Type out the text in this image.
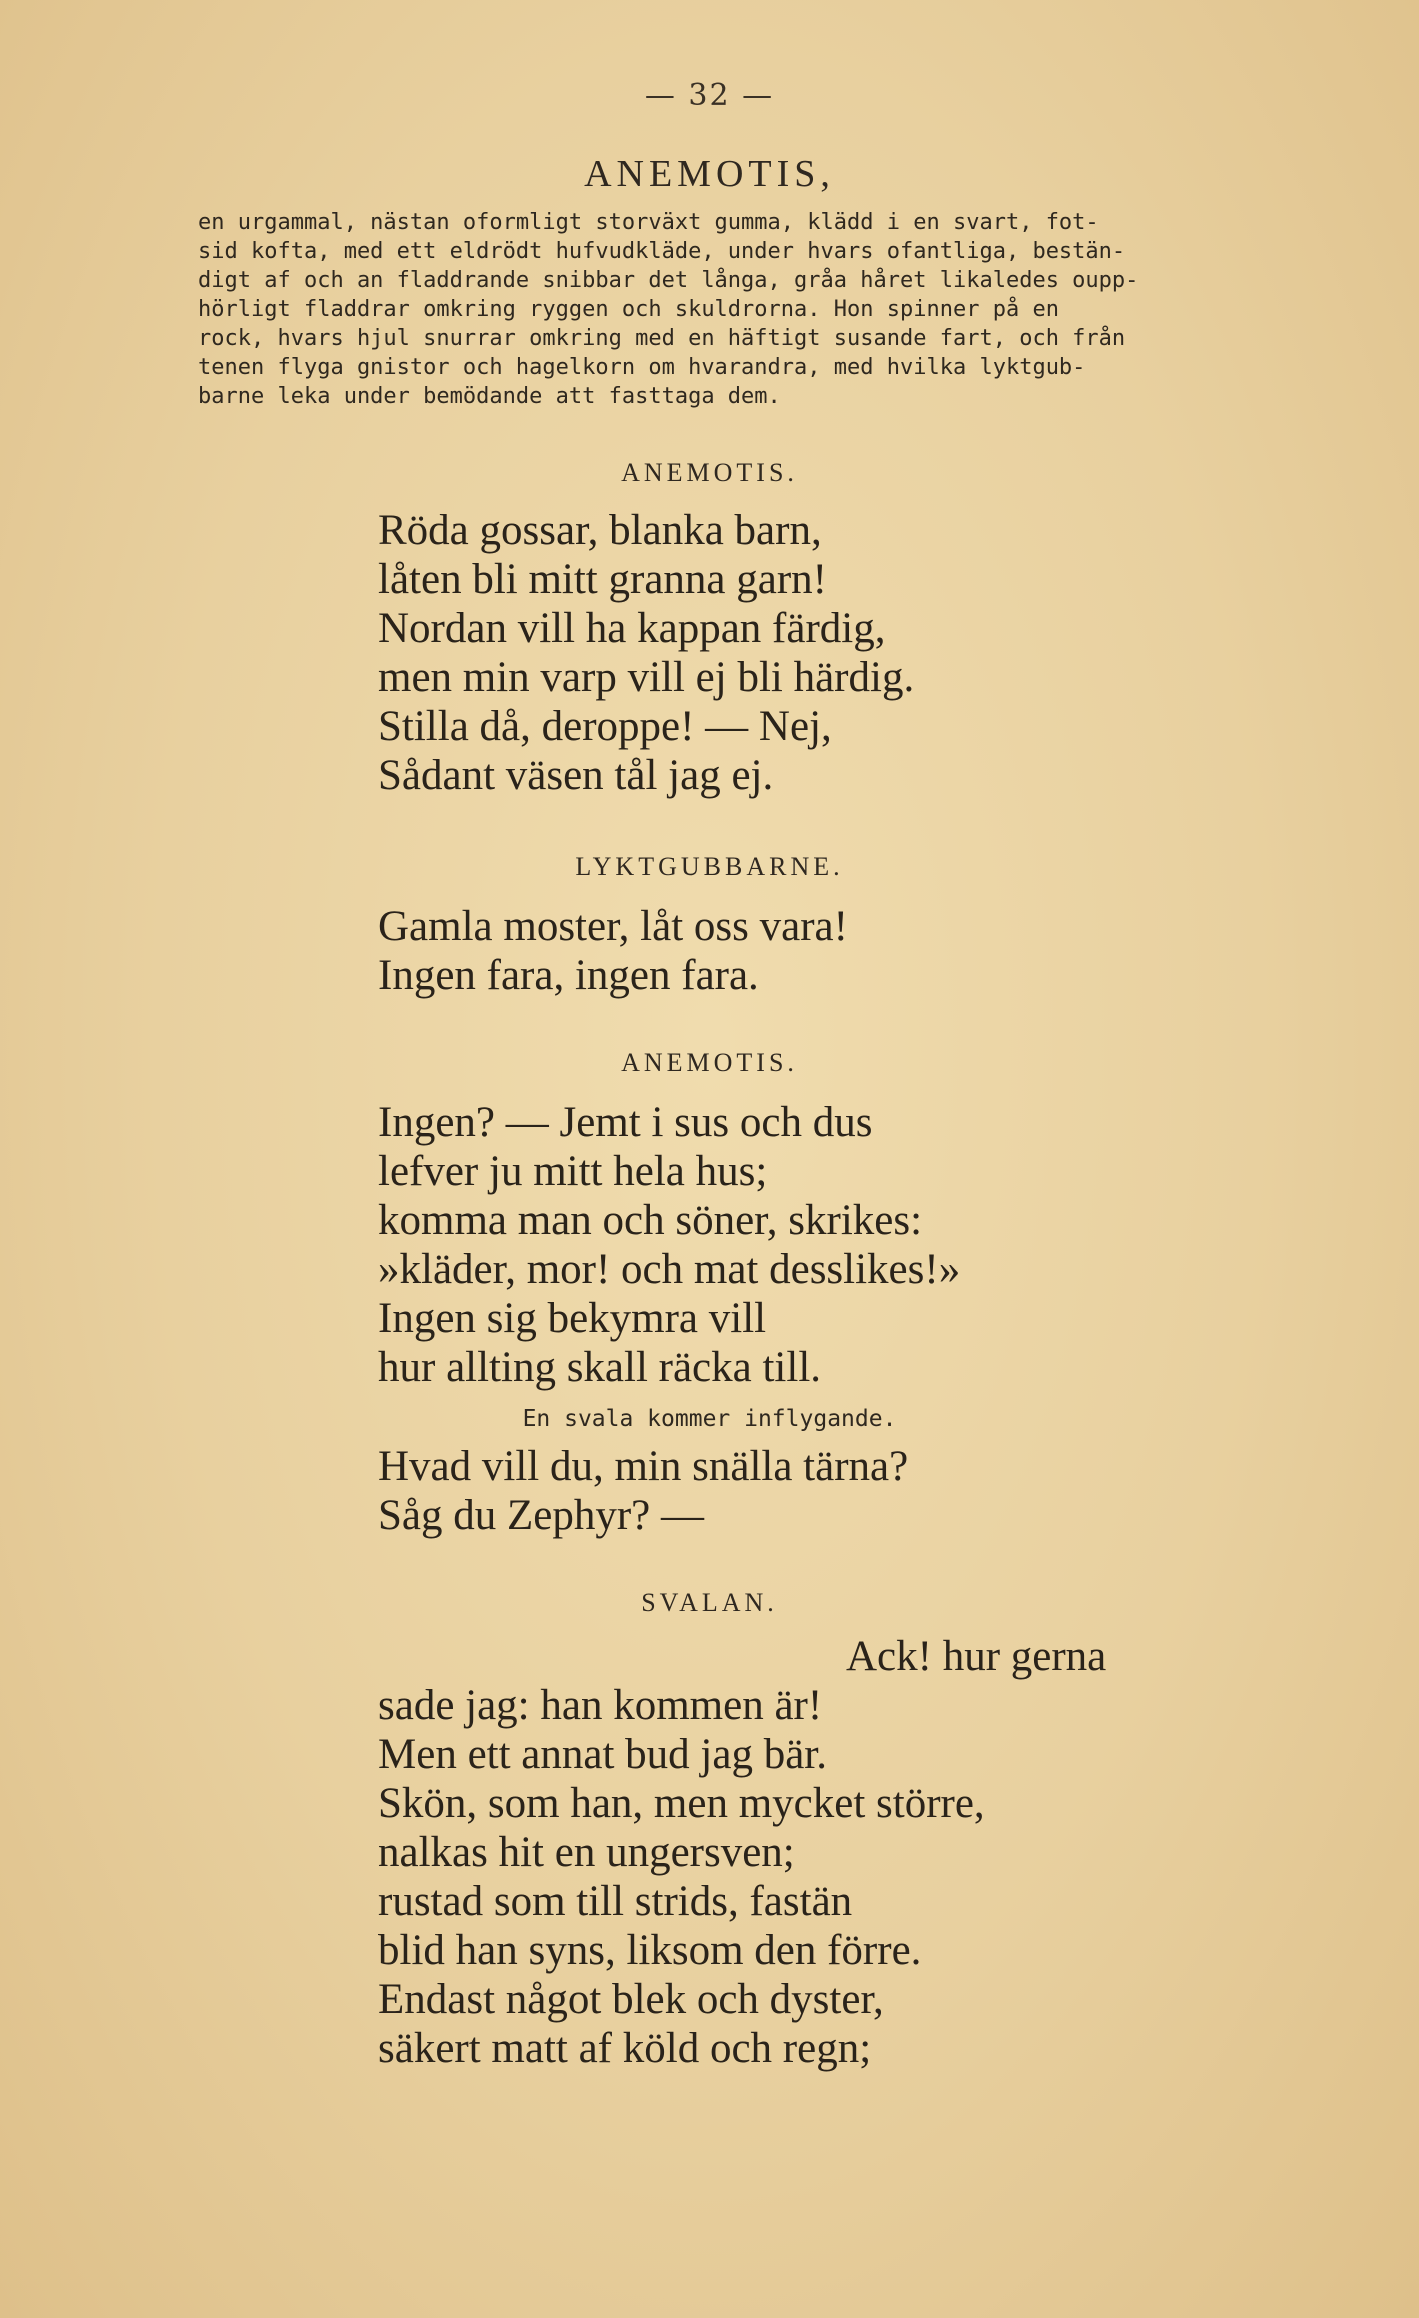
— 32 —
ANEMOTIS,
en urgammal, nästan oformligt storväxt gumma, klädd i en svart, fot-
sid kofta, med ett eldrödt hufvudkläde, under hvars ofantliga, bestän-
digt af och an fladdrande snibbar det långa, gråa håret likaledes oupp-
hörligt fladdrar omkring ryggen och skuldrorna. Hon spinner på en
rock, hvars hjul snurrar omkring med en häftigt susande fart, och från
tenen flyga gnistor och hagelkorn om hvarandra, med hvilka lyktgub-
barne leka under bemödande att fasttaga dem.
ANEMOTIS.
Röda gossar, blanka barn,
låten bli mitt granna garn!
Nordan vill ha kappan färdig,
men min varp vill ej bli härdig.
Stilla då, deroppe! — Nej,
Sådant väsen tål jag ej.
LYKTGUBBARNE.
Gamla moster, låt oss vara!
Ingen fara, ingen fara.
ANEMOTIS.
Ingen? — Jemt i sus och dus
lefver ju mitt hela hus;
komma man och söner, skrikes:
»kläder, mor! och mat desslikes!»
Ingen sig bekymra vill
hur allting skall räcka till.
En svala kommer inflygande.
Hvad vill du, min snälla tärna?
Såg du Zephyr? —
SVALAN.
Ack! hur gerna
sade jag: han kommen är!
Men ett annat bud jag bär.
Skön, som han, men mycket större,
nalkas hit en ungersven;
rustad som till strids, fastän
blid han syns, liksom den förre.
Endast något blek och dyster,
säkert matt af köld och regn;
